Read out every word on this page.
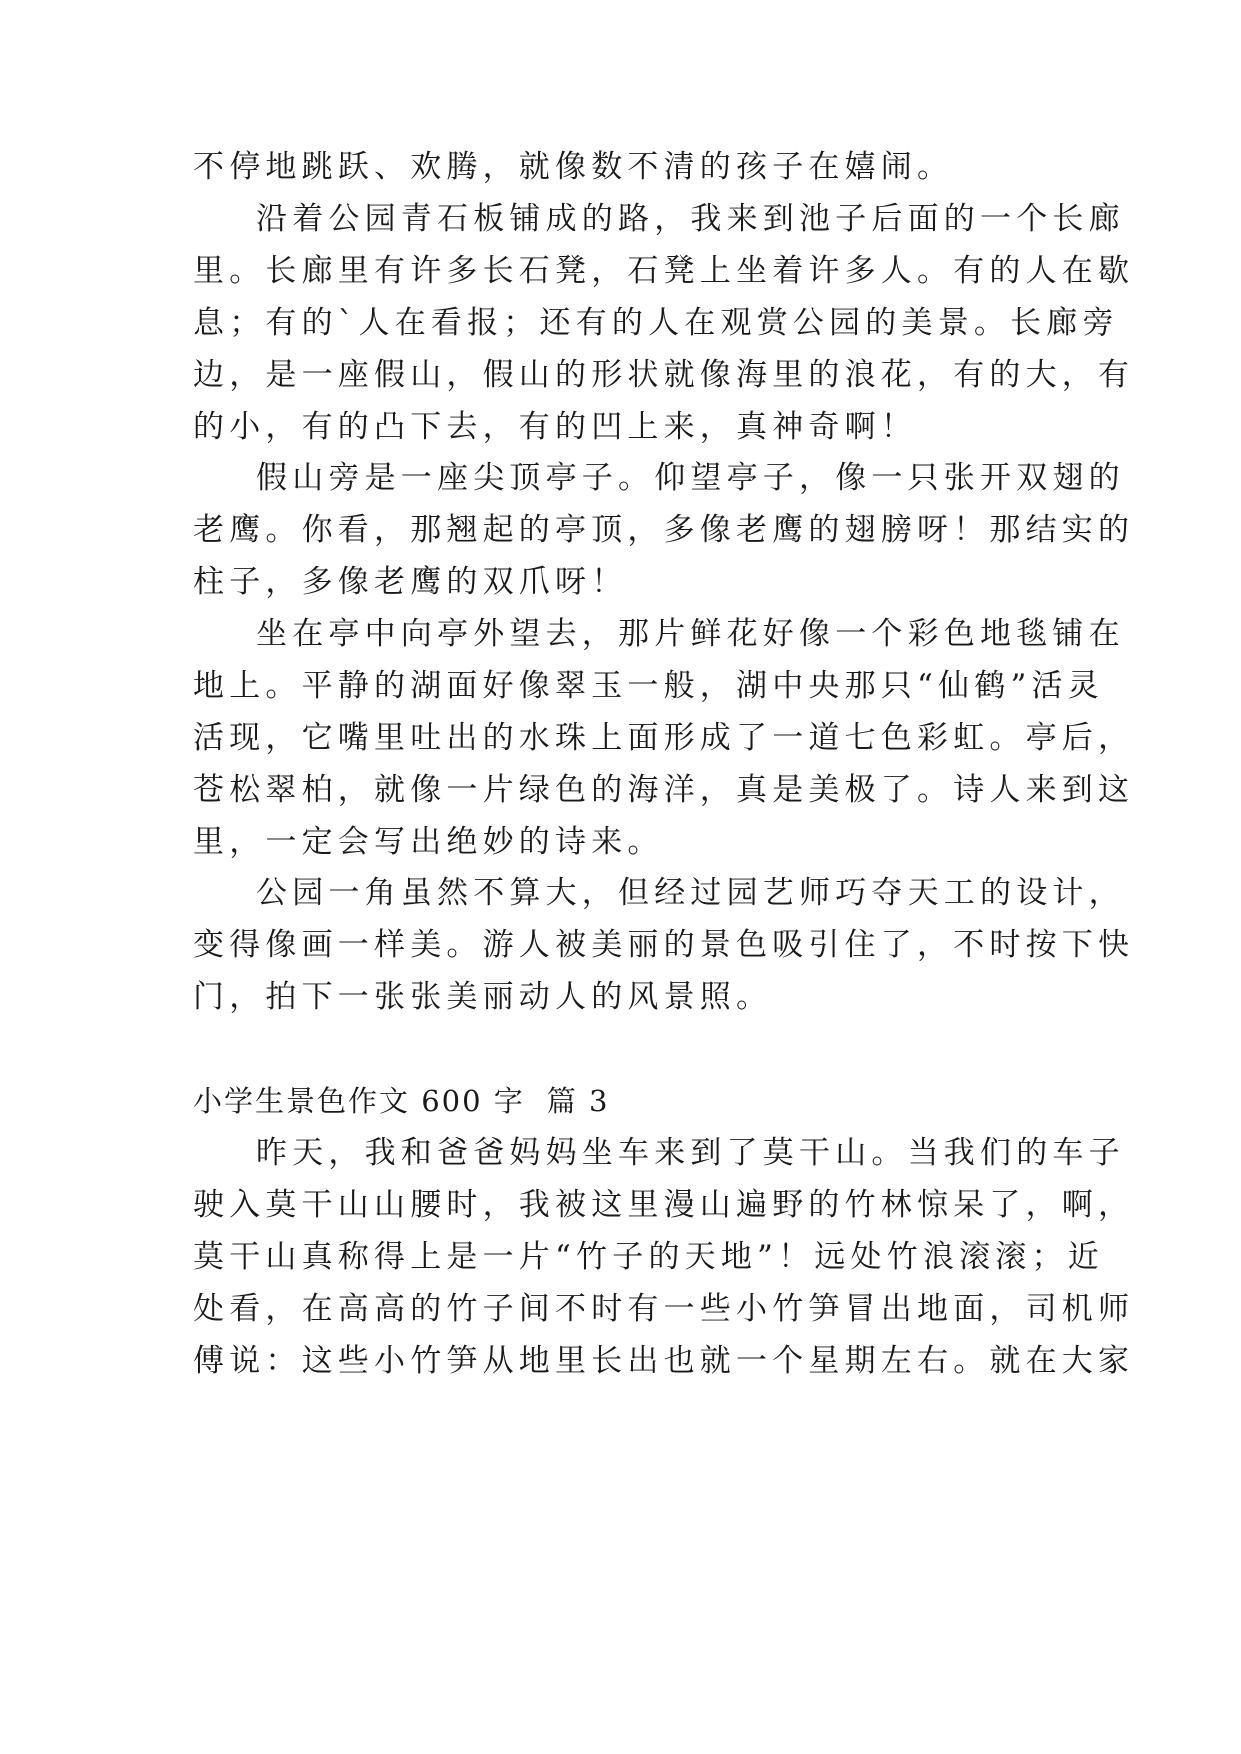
不停地跳跃、欢腾，就像数不清的孩子在嬉闹。
沿着公园青石板铺成的路，我来到池子后面的一个长廊
里。长廊里有许多长石凳，石凳上坐着许多人。有的人在歇
息；有的`人在看报；还有的人在观赏公园的美景。长廊旁
边，是一座假山，假山的形状就像海里的浪花，有的大，有
的小，有的凸下去，有的凹上来，真神奇啊！
假山旁是一座尖顶亭子。仰望亭子，像一只张开双翅的
老鹰。你看，那翘起的亭顶，多像老鹰的翅膀呀！那结实的
柱子，多像老鹰的双爪呀！
坐在亭中向亭外望去，那片鲜花好像一个彩色地毯铺在
地上。平静的湖面好像翠玉一般，湖中央那只“仙鹤”活灵
活现，它嘴里吐出的水珠上面形成了一道七色彩虹。亭后，
苍松翠柏，就像一片绿色的海洋，真是美极了。诗人来到这
里，一定会写出绝妙的诗来。
公园一角虽然不算大，但经过园艺师巧夺天工的设计，
变得像画一样美。游人被美丽的景色吸引住了，不时按下快
门，拍下一张张美丽动人的风景照。
小学生景色作文 600 字 篇 3
昨天，我和爸爸妈妈坐车来到了莫干山。当我们的车子
驶入莫干山山腰时，我被这里漫山遍野的竹林惊呆了，啊，
莫干山真称得上是一片“竹子的天地”！远处竹浪滚滚；近
处看，在高高的竹子间不时有一些小竹笋冒出地面，司机师
傅说：这些小竹笋从地里长出也就一个星期左右。就在大家
